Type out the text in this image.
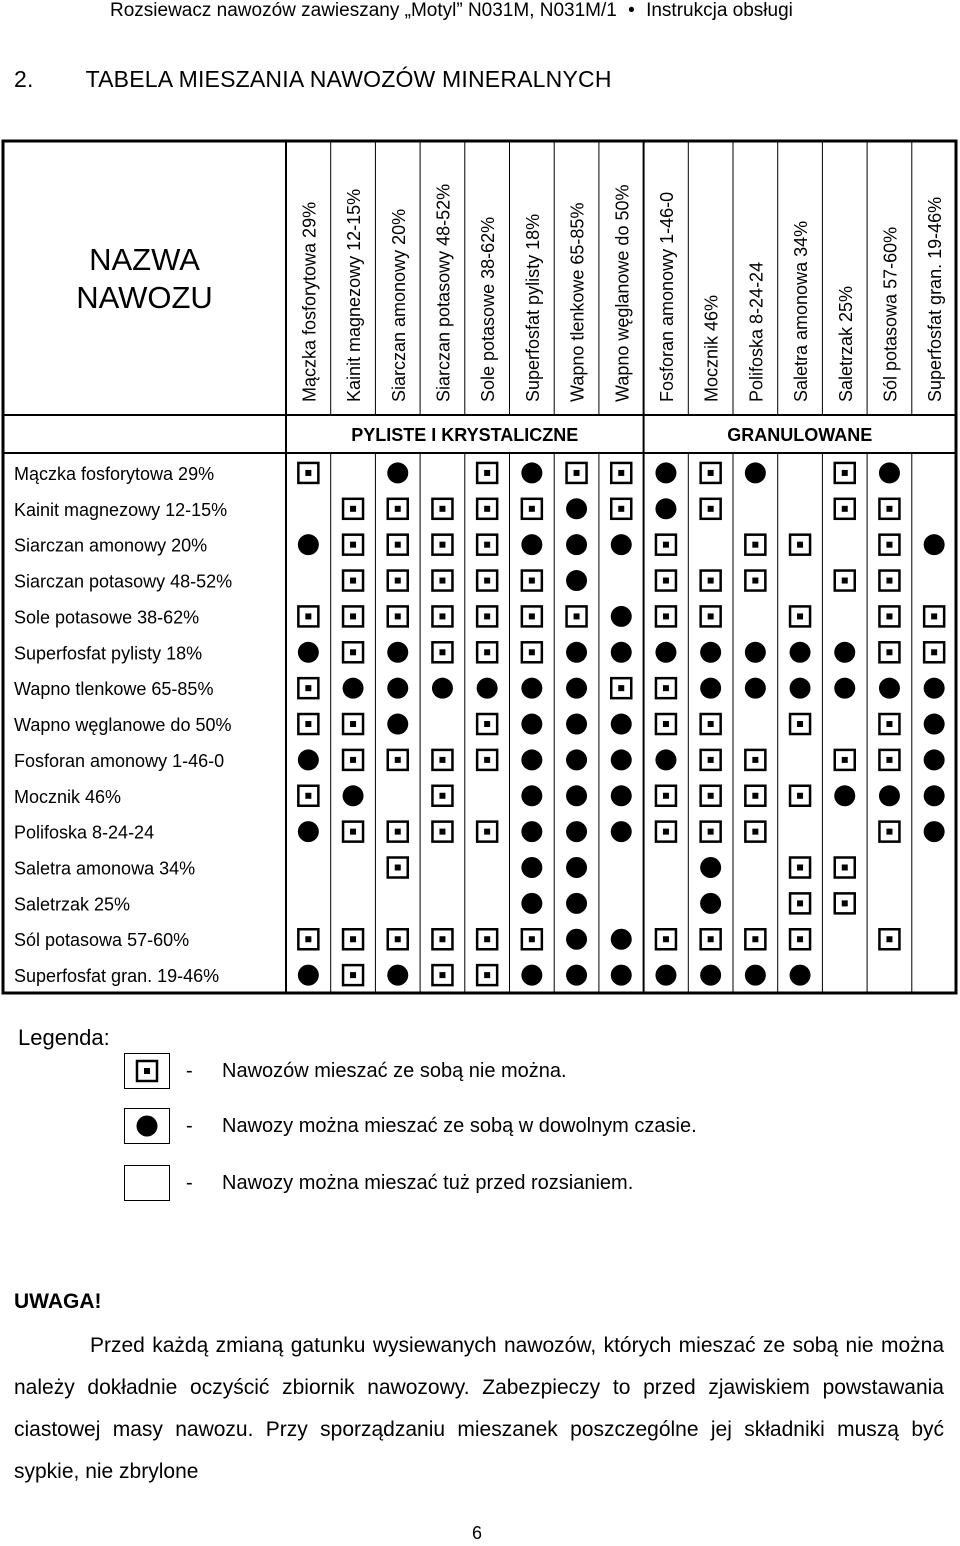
Rozsiewacz nawozów zawieszany „Motyl” N031M, N031M/1 • Instrukcja obsługi
2. TABELA MIESZANIA NAWOZÓW MINERALNYCH
NAZWA
NAWOZU	Mączka fosforytowa 29% Kainit magnezowy 12-15% Siarczan amonowy 20% Siarczan potasowy 48-52% Sole potasowe 38-62% Superfosfat pylisty 18% Wapno tlenkowe 65-85% Wapno węglanowe do 50% Fosforan amonowy 1-46-0 Mocznik 46% Polifoska 8-24-24 Saletra amonowa 34% Saletrzak 25% Sól potasowa 57-60% Superfosfat gran. 19-46%
PYLISTE I KRYSTALICZNE	GRANULOWANE
Mączka fosforytowa 29%
Kainit magnezowy 12-15%
Siarczan amonowy 20%
Siarczan potasowy 48-52%
Sole potasowe 38-62%
Superfosfat pylisty 18%
Wapno tlenkowe 65-85%
Wapno węglanowe do 50%
Fosforan amonowy 1-46-0
Mocznik 46%
Polifoska 8-24-24
Saletra amonowa 34%
Saletrzak 25%
Sól potasowa 57-60%
Superfosfat gran. 19-46%
Legenda:
- Nawozów mieszać ze sobą nie można.
- Nawozy można mieszać ze sobą w dowolnym czasie.
- Nawozy można mieszać tuż przed rozsianiem.
UWAGA!
Przed każdą zmianą gatunku wysiewanych nawozów, których mieszać ze sobą nie można należy dokładnie oczyścić zbiornik nawozowy. Zabezpieczy to przed zjawiskiem powstawania ciastowej masy nawozu. Przy sporządzaniu mieszanek poszczególne jej składniki muszą być sypkie, nie zbrylone
6
